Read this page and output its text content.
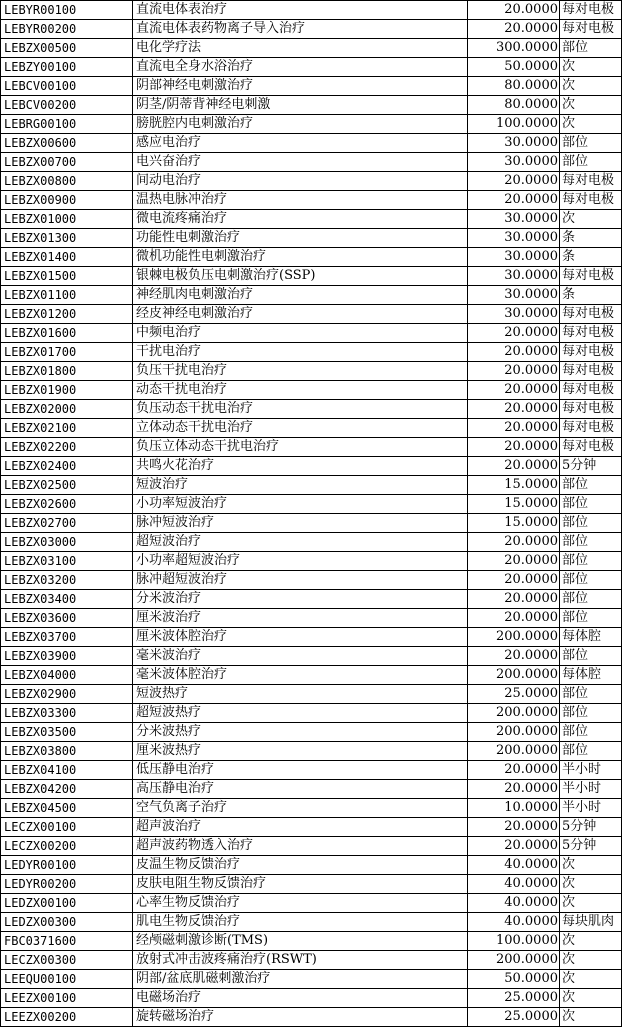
LEBYR00100	直流电体表治疗	20.0000	每对电极
LEBYR00200	直流电体表药物离子导入治疗	20.0000	每对电极
LEBZX00500	电化学疗法	300.0000	部位
LEBZY00100	直流电全身水浴治疗	50.0000	次
LEBCV00100	阴部神经电刺激治疗	80.0000	次
LEBCV00200	阴茎/阴蒂背神经电刺激	80.0000	次
LEBRG00100	膀胱腔内电刺激治疗	100.0000	次
LEBZX00600	感应电治疗	30.0000	部位
LEBZX00700	电兴奋治疗	30.0000	部位
LEBZX00800	间动电治疗	20.0000	每对电极
LEBZX00900	温热电脉冲治疗	20.0000	每对电极
LEBZX01000	微电流疼痛治疗	30.0000	次
LEBZX01300	功能性电刺激治疗	30.0000	条
LEBZX01400	微机功能性电刺激治疗	30.0000	条
LEBZX01500	银棘电极负压电刺激治疗(SSP)	30.0000	每对电极
LEBZX01100	神经肌肉电刺激治疗	30.0000	条
LEBZX01200	经皮神经电刺激治疗	30.0000	每对电极
LEBZX01600	中频电治疗	20.0000	每对电极
LEBZX01700	干扰电治疗	20.0000	每对电极
LEBZX01800	负压干扰电治疗	20.0000	每对电极
LEBZX01900	动态干扰电治疗	20.0000	每对电极
LEBZX02000	负压动态干扰电治疗	20.0000	每对电极
LEBZX02100	立体动态干扰电治疗	20.0000	每对电极
LEBZX02200	负压立体动态干扰电治疗	20.0000	每对电极
LEBZX02400	共鸣火花治疗	20.0000	5分钟
LEBZX02500	短波治疗	15.0000	部位
LEBZX02600	小功率短波治疗	15.0000	部位
LEBZX02700	脉冲短波治疗	15.0000	部位
LEBZX03000	超短波治疗	20.0000	部位
LEBZX03100	小功率超短波治疗	20.0000	部位
LEBZX03200	脉冲超短波治疗	20.0000	部位
LEBZX03400	分米波治疗	20.0000	部位
LEBZX03600	厘米波治疗	20.0000	部位
LEBZX03700	厘米波体腔治疗	200.0000	每体腔
LEBZX03900	毫米波治疗	20.0000	部位
LEBZX04000	毫米波体腔治疗	200.0000	每体腔
LEBZX02900	短波热疗	25.0000	部位
LEBZX03300	超短波热疗	200.0000	部位
LEBZX03500	分米波热疗	200.0000	部位
LEBZX03800	厘米波热疗	200.0000	部位
LEBZX04100	低压静电治疗	20.0000	半小时
LEBZX04200	高压静电治疗	20.0000	半小时
LEBZX04500	空气负离子治疗	10.0000	半小时
LECZX00100	超声波治疗	20.0000	5分钟
LECZX00200	超声波药物透入治疗	20.0000	5分钟
LEDYR00100	皮温生物反馈治疗	40.0000	次
LEDYR00200	皮肤电阻生物反馈治疗	40.0000	次
LEDZX00100	心率生物反馈治疗	40.0000	次
LEDZX00300	肌电生物反馈治疗	40.0000	每块肌肉
FBC0371600	经颅磁刺激诊断(TMS)	100.0000	次
LECZX00300	放射式冲击波疼痛治疗(RSWT)	200.0000	次
LEEQU00100	阴部/盆底肌磁刺激治疗	50.0000	次
LEEZX00100	电磁场治疗	25.0000	次
LEEZX00200	旋转磁场治疗	25.0000	次
